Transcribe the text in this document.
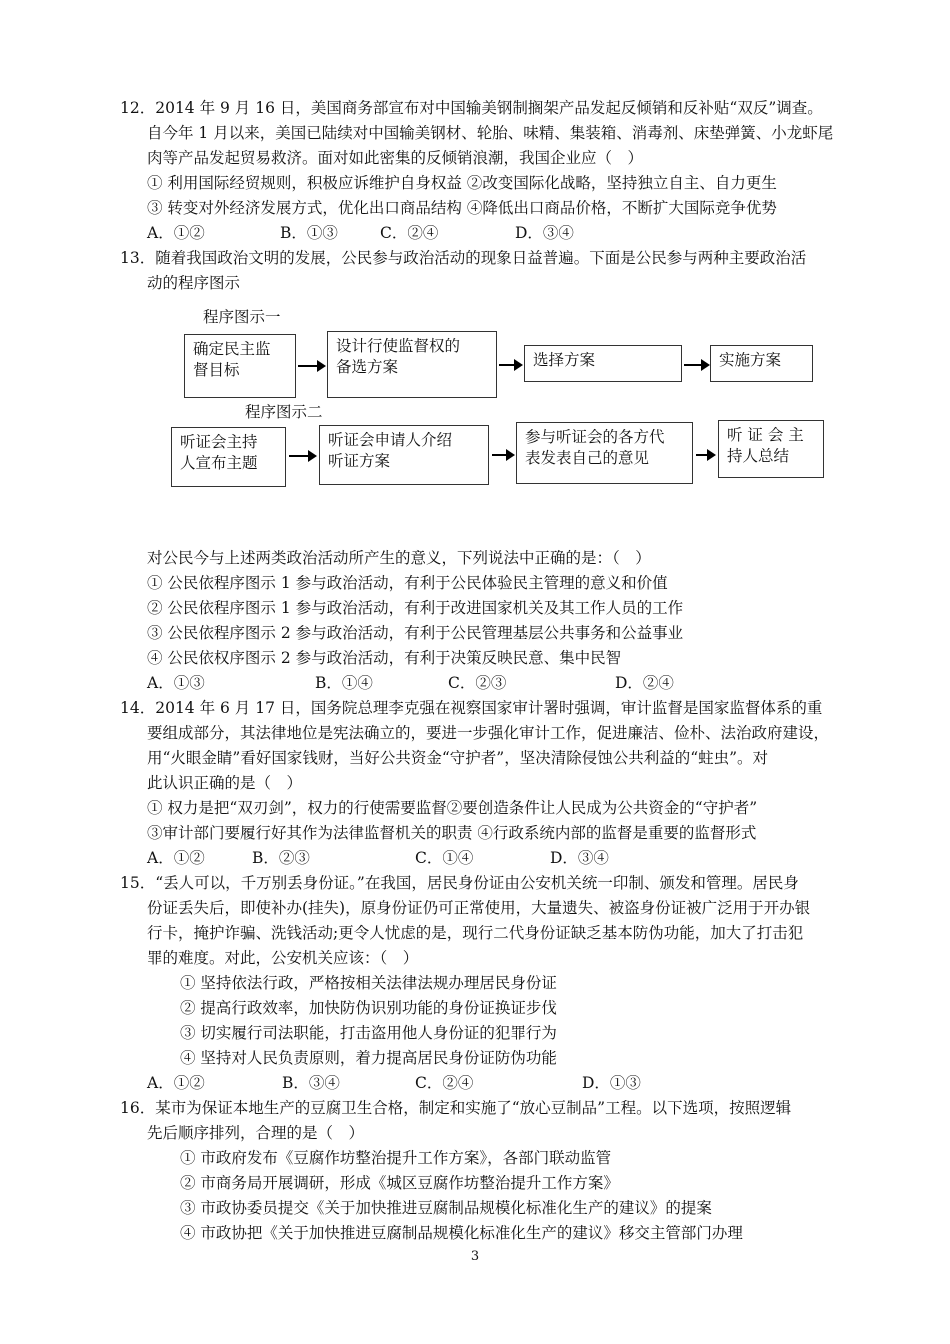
12．2014 年 9 月 16 日，美国商务部宣布对中国输美钢制搁架产品发起反倾销和反补贴“双反”调查。
自今年 1 月以来，美国已陆续对中国输美钢材、轮胎、味精、集装箱、消毒剂、床垫弹簧、小龙虾尾
肉等产品发起贸易救济。面对如此密集的反倾销浪潮，我国企业应（　）
① 利用国际经贸规则，积极应诉维护自身权益 ②改变国际化战略，坚持独立自主、自力更生
③ 转变对外经济发展方式，优化出口商品结构 ④降低出口商品价格，不断扩大国际竞争优势
A．①②	B．①③	C．②④	D．③④
13．随着我国政治文明的发展，公民参与政治活动的现象日益普遍。下面是公民参与两种主要政治活
动的程序图示
程序图示一
确定民主监
督目标
设计行使监督权的
备选方案	选择方案	实施方案
程序图示二
听证会主持
人宣布主题
听证会申请人介绍
听证方案
参与听证会的各方代
表发表自己的意见
听 证 会 主
持人总结
对公民今与上述两类政治活动所产生的意义，下列说法中正确的是：（　）
① 公民依程序图示 1 参与政治活动，有利于公民体验民主管理的意义和价值
② 公民依程序图示 1 参与政治活动，有利于改进国家机关及其工作人员的工作
③ 公民依程序图示 2 参与政治活动，有利于公民管理基层公共事务和公益事业
④ 公民依权序图示 2 参与政治活动，有利于决策反映民意、集中民智
A．①③	B．①④	C．②③	D．②④
14．2014 年 6 月 17 日，国务院总理李克强在视察国家审计署时强调，审计监督是国家监督体系的重
要组成部分，其法律地位是宪法确立的，要进一步强化审计工作，促进廉洁、俭朴、法治政府建设，
用“火眼金睛”看好国家钱财，当好公共资金“守护者”，坚决清除侵蚀公共利益的“蛀虫”。对
此认识正确的是（　）
① 权力是把“双刃剑”，权力的行使需要监督②要创造条件让人民成为公共资金的“守护者”
③审计部门要履行好其作为法律监督机关的职责 ④行政系统内部的监督是重要的监督形式
A．①②	B．②③	C．①④	D．③④
15．“丢人可以，千万别丢身份证。”在我国，居民身份证由公安机关统一印制、颁发和管理。居民身
份证丢失后，即使补办(挂失)，原身份证仍可正常使用，大量遗失、被盗身份证被广泛用于开办银
行卡，掩护诈骗、洗钱活动;更令人忧虑的是，现行二代身份证缺乏基本防伪功能，加大了打击犯
罪的难度。对此，公安机关应该：（　）
① 坚持依法行政，严格按相关法律法规办理居民身份证
② 提高行政效率，加快防伪识别功能的身份证换证步伐
③ 切实履行司法职能，打击盗用他人身份证的犯罪行为
④ 坚持对人民负责原则，着力提高居民身份证防伪功能
A．①②	B．③④	C．②④	D．①③
16．某市为保证本地生产的豆腐卫生合格，制定和实施了“放心豆制品”工程。以下选项，按照逻辑
先后顺序排列，合理的是（　）
① 市政府发布《豆腐作坊整治提升工作方案》，各部门联动监管
② 市商务局开展调研，形成《城区豆腐作坊整治提升工作方案》
③ 市政协委员提交《关于加快推进豆腐制品规模化标准化生产的建议》的提案
④ 市政协把《关于加快推进豆腐制品规模化标准化生产的建议》移交主管部门办理
3
